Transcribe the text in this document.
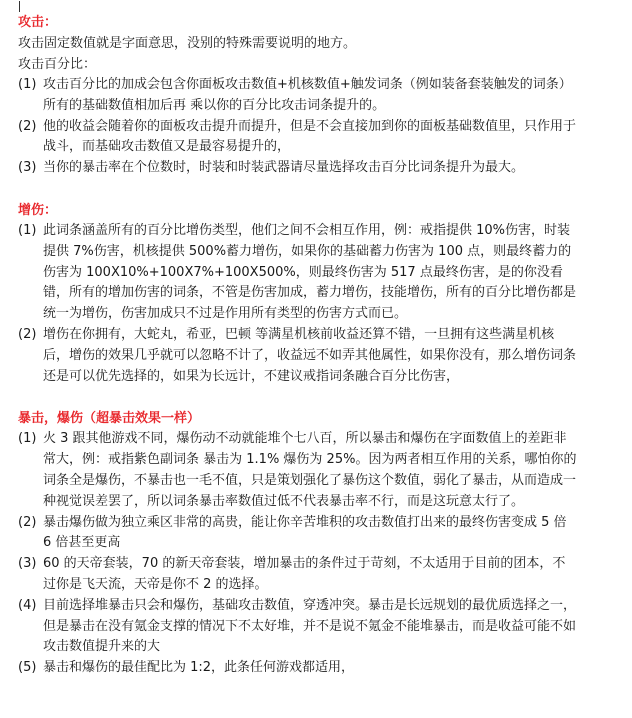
攻击：
攻击固定数值就是字面意思，没别的特殊需要说明的地方。
攻击百分比：
(1) 攻击百分比的加成会包含你面板攻击数值+机核数值+触发词条（例如装备套装触发的词条）所有的基础数值相加后再 乘以你的百分比攻击词条提升的。
(2) 他的收益会随着你的面板攻击提升而提升，但是不会直接加到你的面板基础数值里，只作用于战斗，而基础攻击数值又是最容易提升的，
(3) 当你的暴击率在个位数时，时装和时装武器请尽量选择攻击百分比词条提升为最大。
增伤：
(1) 此词条涵盖所有的百分比增伤类型，他们之间不会相互作用，例：戒指提供 10%伤害，时装提供 7%伤害，机核提供 500%蓄力增伤，如果你的基础蓄力伤害为 100 点，则最终蓄力的伤害为 100X10%+100X7%+100X500%，则最终伤害为 517 点最终伤害，是的你没看错，所有的增加伤害的词条，不管是伤害加成，蓄力增伤，技能增伤，所有的百分比增伤都是统一为增伤，伤害加成只不过是作用所有类型的伤害方式而已。
(2) 增伤在你拥有，大蛇丸，希亚，巴顿 等满星机核前收益还算不错，一旦拥有这些满星机核后，增伤的效果几乎就可以忽略不计了，收益远不如弄其他属性，如果你没有，那么增伤词条还是可以优先选择的，如果为长远计，不建议戒指词条融合百分比伤害，
暴击，爆伤（超暴击效果一样）
(1) 火 3 跟其他游戏不同，爆伤动不动就能堆个七八百，所以暴击和爆伤在字面数值上的差距非常大，例：戒指紫色副词条 暴击为 1.1% 爆伤为 25%。因为两者相互作用的关系，哪怕你的词条全是爆伤，不暴击也一毛不值，只是策划强化了暴伤这个数值，弱化了暴击，从而造成一种视觉误差罢了，所以词条暴击率数值过低不代表暴击率不行，而是这玩意太行了。
(2) 暴击爆伤做为独立乘区非常的高贵，能让你辛苦堆积的攻击数值打出来的最终伤害变成 5 倍 6 倍甚至更高
(3) 60 的天帝套装，70 的新天帝套装，增加暴击的条件过于苛刻，不太适用于目前的团本，不过你是飞天流，天帝是你不 2 的选择。
(4) 目前选择堆暴击只会和爆伤，基础攻击数值，穿透冲突。暴击是长远规划的最优质选择之一，但是暴击在没有氪金支撑的情况下不太好堆，并不是说不氪金不能堆暴击，而是收益可能不如攻击数值提升来的大
(5) 暴击和爆伤的最佳配比为 1:2，此条任何游戏都适用，
